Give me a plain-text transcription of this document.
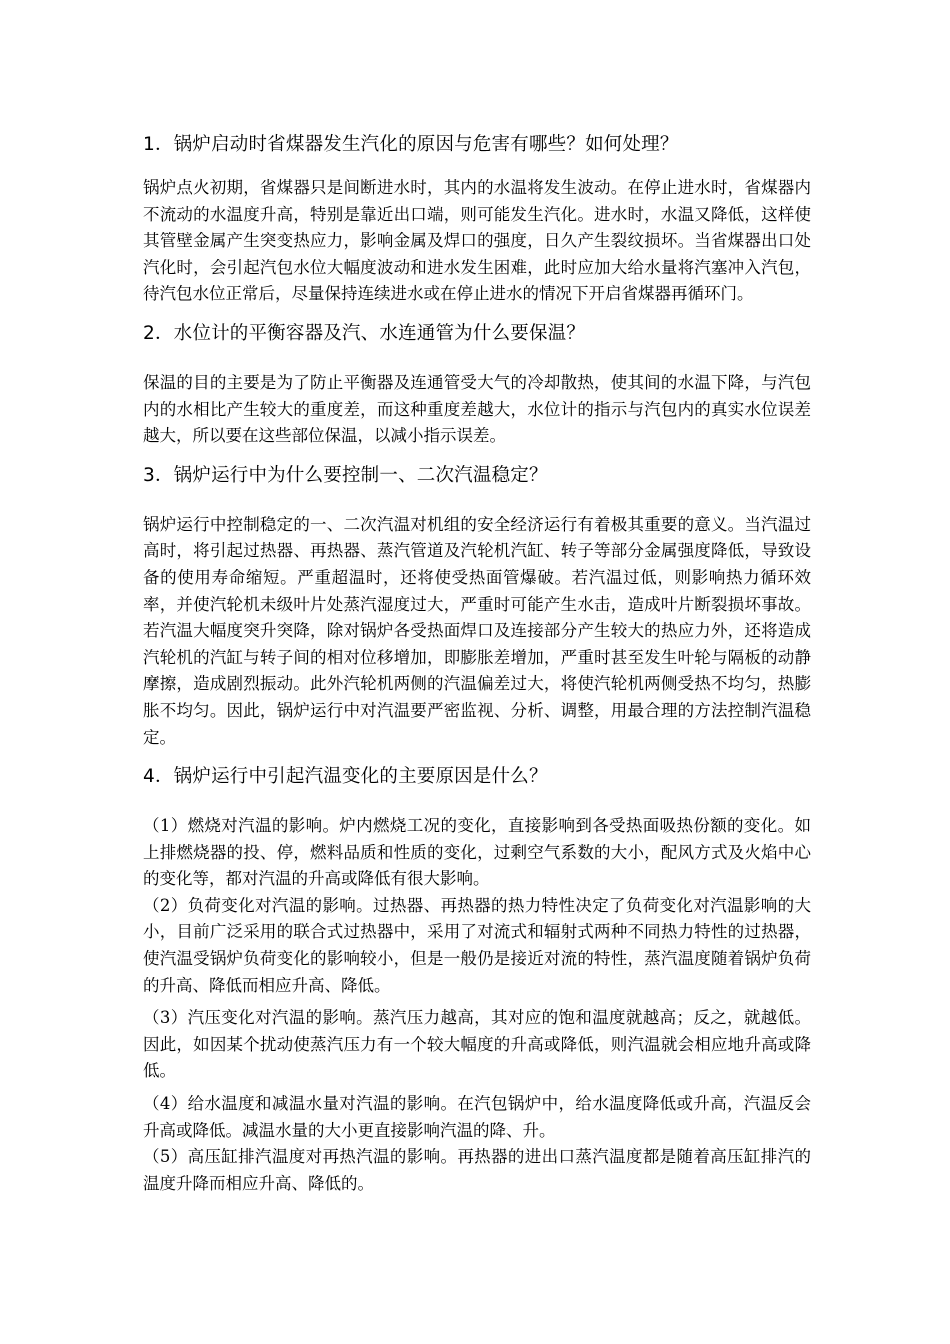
1．锅炉启动时省煤器发生汽化的原因与危害有哪些？如何处理？

锅炉点火初期，省煤器只是间断进水时，其内的水温将发生波动。在停止进水时，省煤器内不流动的水温度升高，特别是靠近出口端，则可能发生汽化。进水时，水温又降低，这样使其管壁金属产生突变热应力，影响金属及焊口的强度，日久产生裂纹损坏。当省煤器出口处汽化时，会引起汽包水位大幅度波动和进水发生困难，此时应加大给水量将汽塞冲入汽包，待汽包水位正常后，尽量保持连续进水或在停止进水的情况下开启省煤器再循环门。

2．水位计的平衡容器及汽、水连通管为什么要保温？

保温的目的主要是为了防止平衡器及连通管受大气的冷却散热，使其间的水温下降，与汽包内的水相比产生较大的重度差，而这种重度差越大，水位计的指示与汽包内的真实水位误差越大，所以要在这些部位保温，以减小指示误差。

3．锅炉运行中为什么要控制一、二次汽温稳定？

锅炉运行中控制稳定的一、二次汽温对机组的安全经济运行有着极其重要的意义。当汽温过高时，将引起过热器、再热器、蒸汽管道及汽轮机汽缸、转子等部分金属强度降低，导致设备的使用寿命缩短。严重超温时，还将使受热面管爆破。若汽温过低，则影响热力循环效率，并使汽轮机未级叶片处蒸汽湿度过大，严重时可能产生水击，造成叶片断裂损坏事故。若汽温大幅度突升突降，除对锅炉各受热面焊口及连接部分产生较大的热应力外，还将造成汽轮机的汽缸与转子间的相对位移增加，即膨胀差增加，严重时甚至发生叶轮与隔板的动静摩擦，造成剧烈振动。此外汽轮机两侧的汽温偏差过大，将使汽轮机两侧受热不均匀，热膨胀不均匀。因此，锅炉运行中对汽温要严密监视、分析、调整，用最合理的方法控制汽温稳定。

4．锅炉运行中引起汽温变化的主要原因是什么？

（1）燃烧对汽温的影响。炉内燃烧工况的变化，直接影响到各受热面吸热份额的变化。如上排燃烧器的投、停，燃料品质和性质的变化，过剩空气系数的大小，配风方式及火焰中心的变化等，都对汽温的升高或降低有很大影响。

（2）负荷变化对汽温的影响。过热器、再热器的热力特性决定了负荷变化对汽温影响的大小，目前广泛采用的联合式过热器中，采用了对流式和辐射式两种不同热力特性的过热器，使汽温受锅炉负荷变化的影响较小，但是一般仍是接近对流的特性，蒸汽温度随着锅炉负荷的升高、降低而相应升高、降低。

（3）汽压变化对汽温的影响。蒸汽压力越高，其对应的饱和温度就越高；反之，就越低。因此，如因某个扰动使蒸汽压力有一个较大幅度的升高或降低，则汽温就会相应地升高或降低。

（4）给水温度和减温水量对汽温的影响。在汽包锅炉中，给水温度降低或升高，汽温反会升高或降低。减温水量的大小更直接影响汽温的降、升。

（5）高压缸排汽温度对再热汽温的影响。再热器的进出口蒸汽温度都是随着高压缸排汽的温度升降而相应升高、降低的。
